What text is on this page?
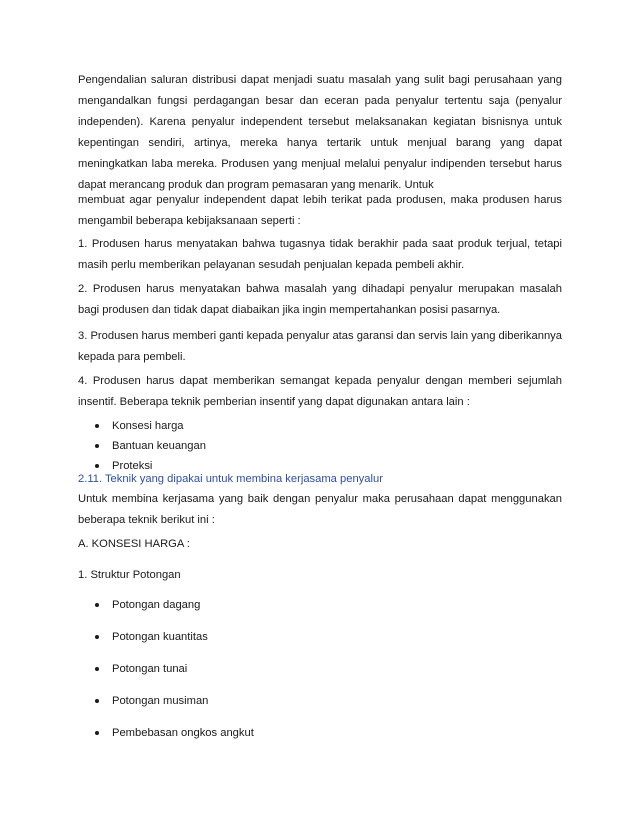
Pengendalian saluran distribusi dapat menjadi suatu masalah yang sulit bagi perusahaan yang mengandalkan fungsi perdagangan besar dan eceran pada penyalur tertentu saja (penyalur independen). Karena penyalur independent tersebut melaksanakan kegiatan bisnisnya untuk kepentingan sendiri, artinya, mereka hanya tertarik untuk menjual barang yang dapat meningkatkan laba mereka. Produsen yang menjual melalui penyalur indipenden tersebut harus dapat merancang produk dan program pemasaran yang menarik. Untuk

membuat agar penyalur independent dapat lebih terikat pada produsen, maka produsen harus mengambil beberapa kebijaksanaan seperti :

1. Produsen harus menyatakan bahwa tugasnya tidak berakhir pada saat produk terjual, tetapi masih perlu memberikan pelayanan sesudah penjualan kepada pembeli akhir.

2. Produsen harus menyatakan bahwa masalah yang dihadapi penyalur merupakan masalah bagi produsen dan tidak dapat diabaikan jika ingin mempertahankan posisi pasarnya.

3. Produsen harus memberi ganti kepada penyalur atas garansi dan servis lain yang diberikannya kepada para pembeli.

4. Produsen harus dapat memberikan semangat kepada penyalur dengan memberi sejumlah insentif. Beberapa teknik pemberian insentif yang dapat digunakan antara lain :

Konsesi harga
Bantuan keuangan
Proteksi

2.11. Teknik yang dipakai untuk membina kerjasama penyalur

Untuk membina kerjasama yang baik dengan penyalur maka perusahaan dapat menggunakan beberapa teknik berikut ini :

A. KONSESI HARGA :

1. Struktur Potongan

Potongan dagang
Potongan kuantitas
Potongan tunai
Potongan musiman
Pembebasan ongkos angkut
